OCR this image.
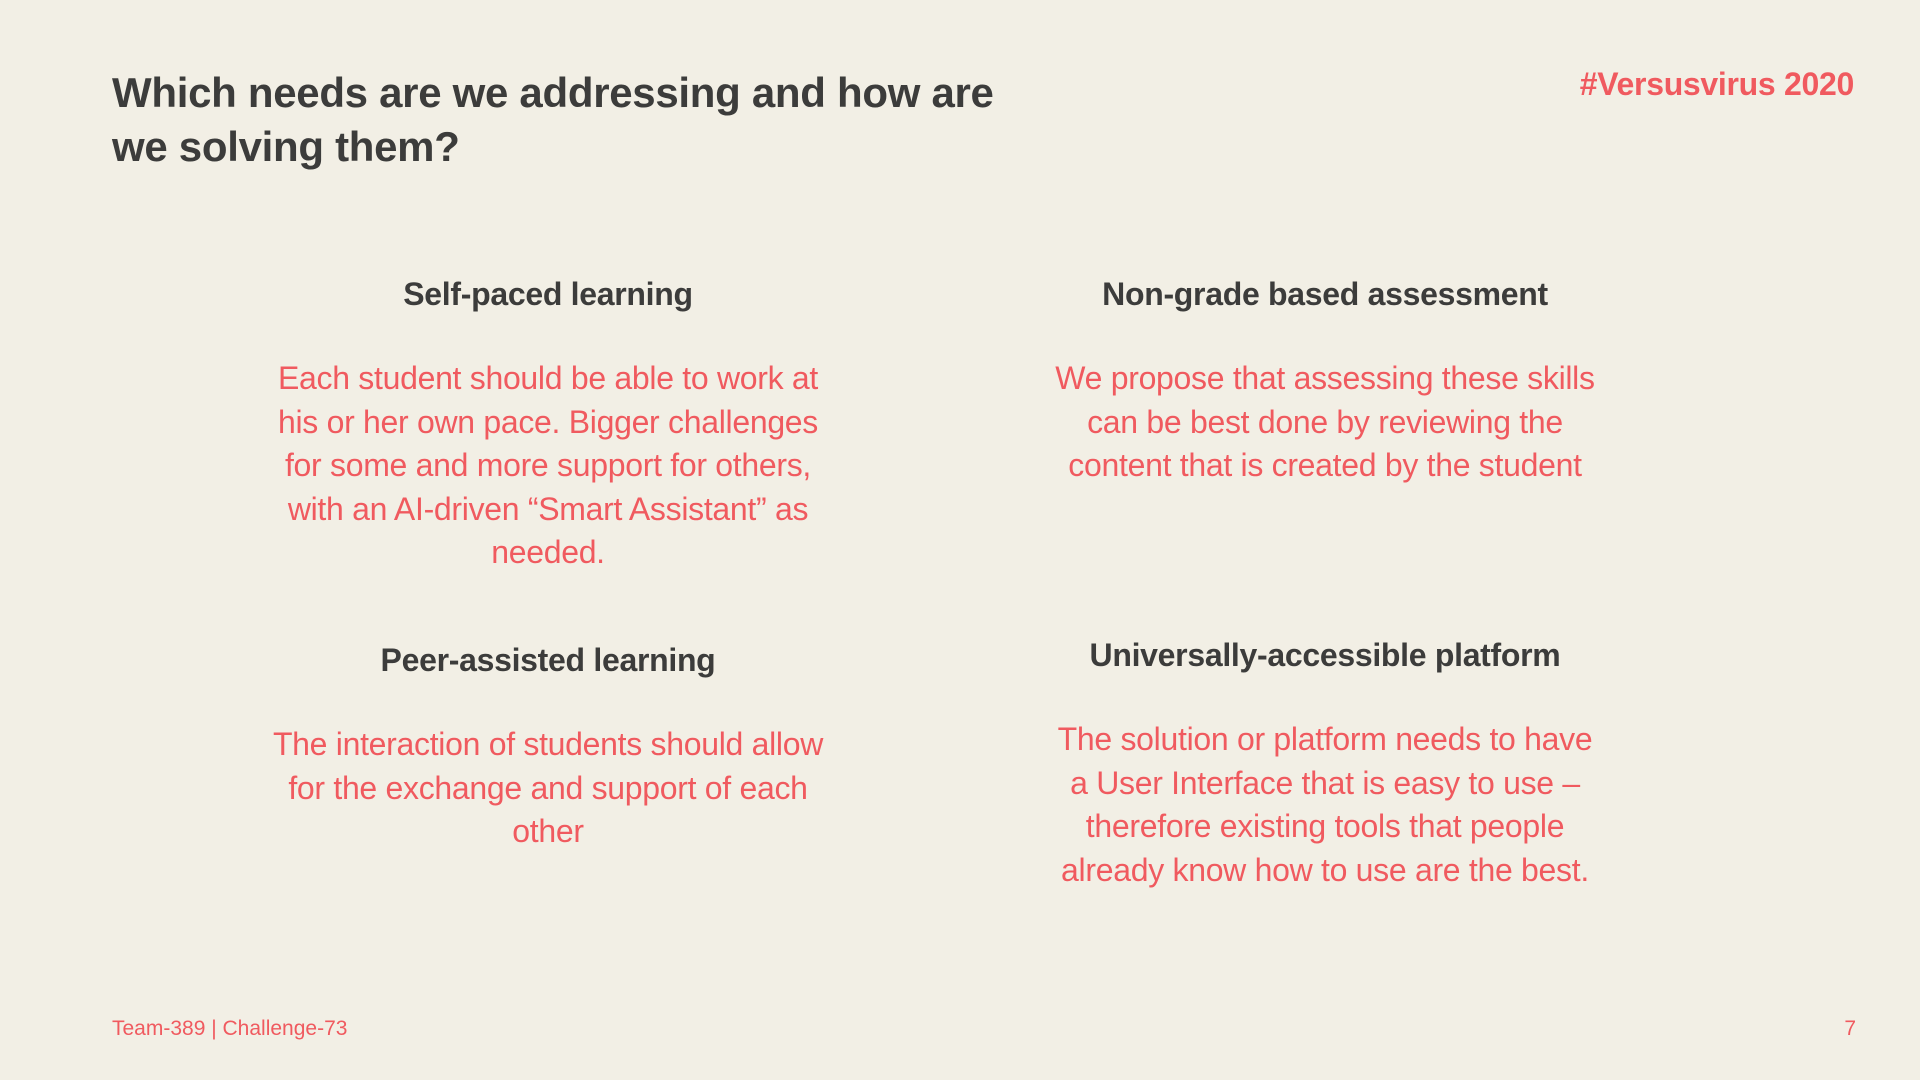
Which needs are we addressing and how are we solving them?
#Versusvirus 2020
Self-paced learning
Each student should be able to work at his or her own pace. Bigger challenges for some and more support for others, with an AI-driven “Smart Assistant” as needed.
Non-grade based assessment
We propose that assessing these skills can be best done by reviewing the content that is created by the student
Peer-assisted learning
The interaction of students should allow for the exchange and support of each other
Universally-accessible platform
The solution or platform needs to have a User Interface that is easy to use – therefore existing tools that people already know how to use are the best.
Team-389 | Challenge-73	7
